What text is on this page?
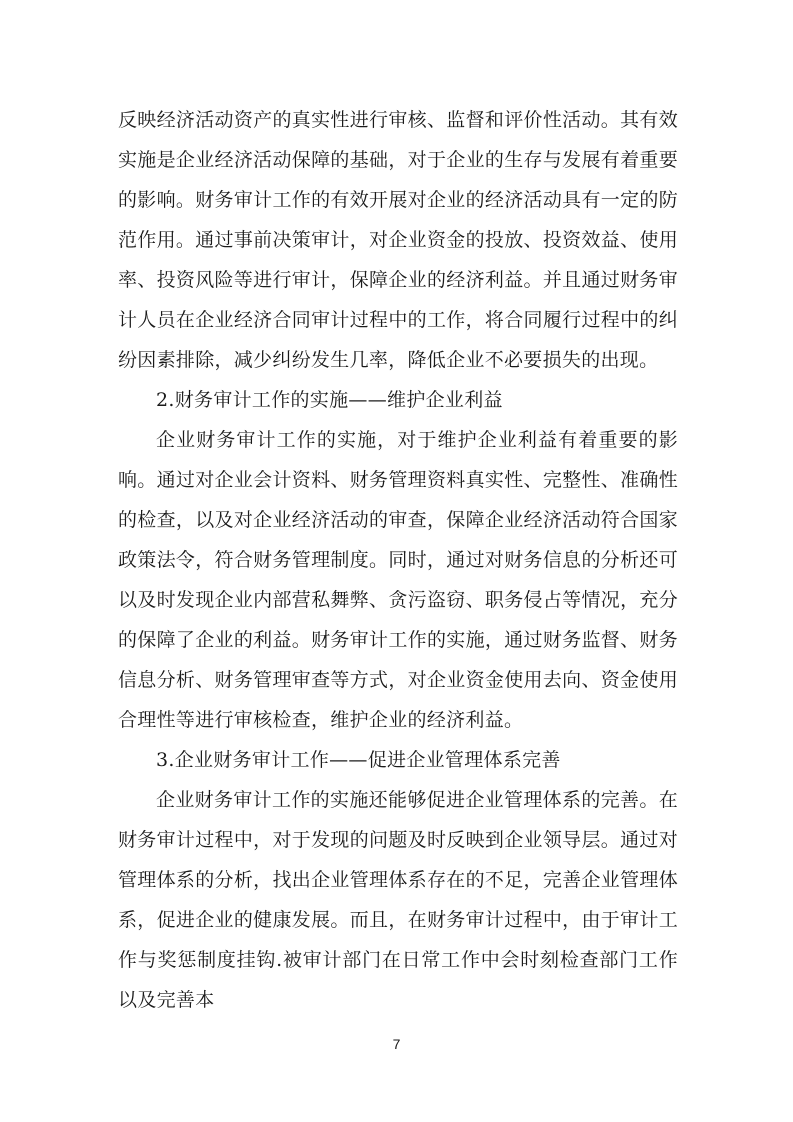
反映经济活动资产的真实性进行审核、监督和评价性活动。其有效实施是企业经济活动保障的基础，对于企业的生存与发展有着重要的影响。财务审计工作的有效开展对企业的经济活动具有一定的防范作用。通过事前决策审计，对企业资金的投放、投资效益、使用率、投资风险等进行审计，保障企业的经济利益。并且通过财务审计人员在企业经济合同审计过程中的工作，将合同履行过程中的纠纷因素排除，减少纠纷发生几率，降低企业不必要损失的出现。

2.财务审计工作的实施——维护企业利益

企业财务审计工作的实施，对于维护企业利益有着重要的影响。通过对企业会计资料、财务管理资料真实性、完整性、准确性的检查，以及对企业经济活动的审查，保障企业经济活动符合国家政策法令，符合财务管理制度。同时，通过对财务信息的分析还可以及时发现企业内部营私舞弊、贪污盗窃、职务侵占等情况，充分的保障了企业的利益。财务审计工作的实施，通过财务监督、财务信息分析、财务管理审查等方式，对企业资金使用去向、资金使用合理性等进行审核检查，维护企业的经济利益。

3.企业财务审计工作——促进企业管理体系完善

企业财务审计工作的实施还能够促进企业管理体系的完善。在财务审计过程中，对于发现的问题及时反映到企业领导层。通过对管理体系的分析，找出企业管理体系存在的不足，完善企业管理体系，促进企业的健康发展。而且，在财务审计过程中，由于审计工作与奖惩制度挂钩.被审计部门在日常工作中会时刻检查部门工作以及完善本

7
